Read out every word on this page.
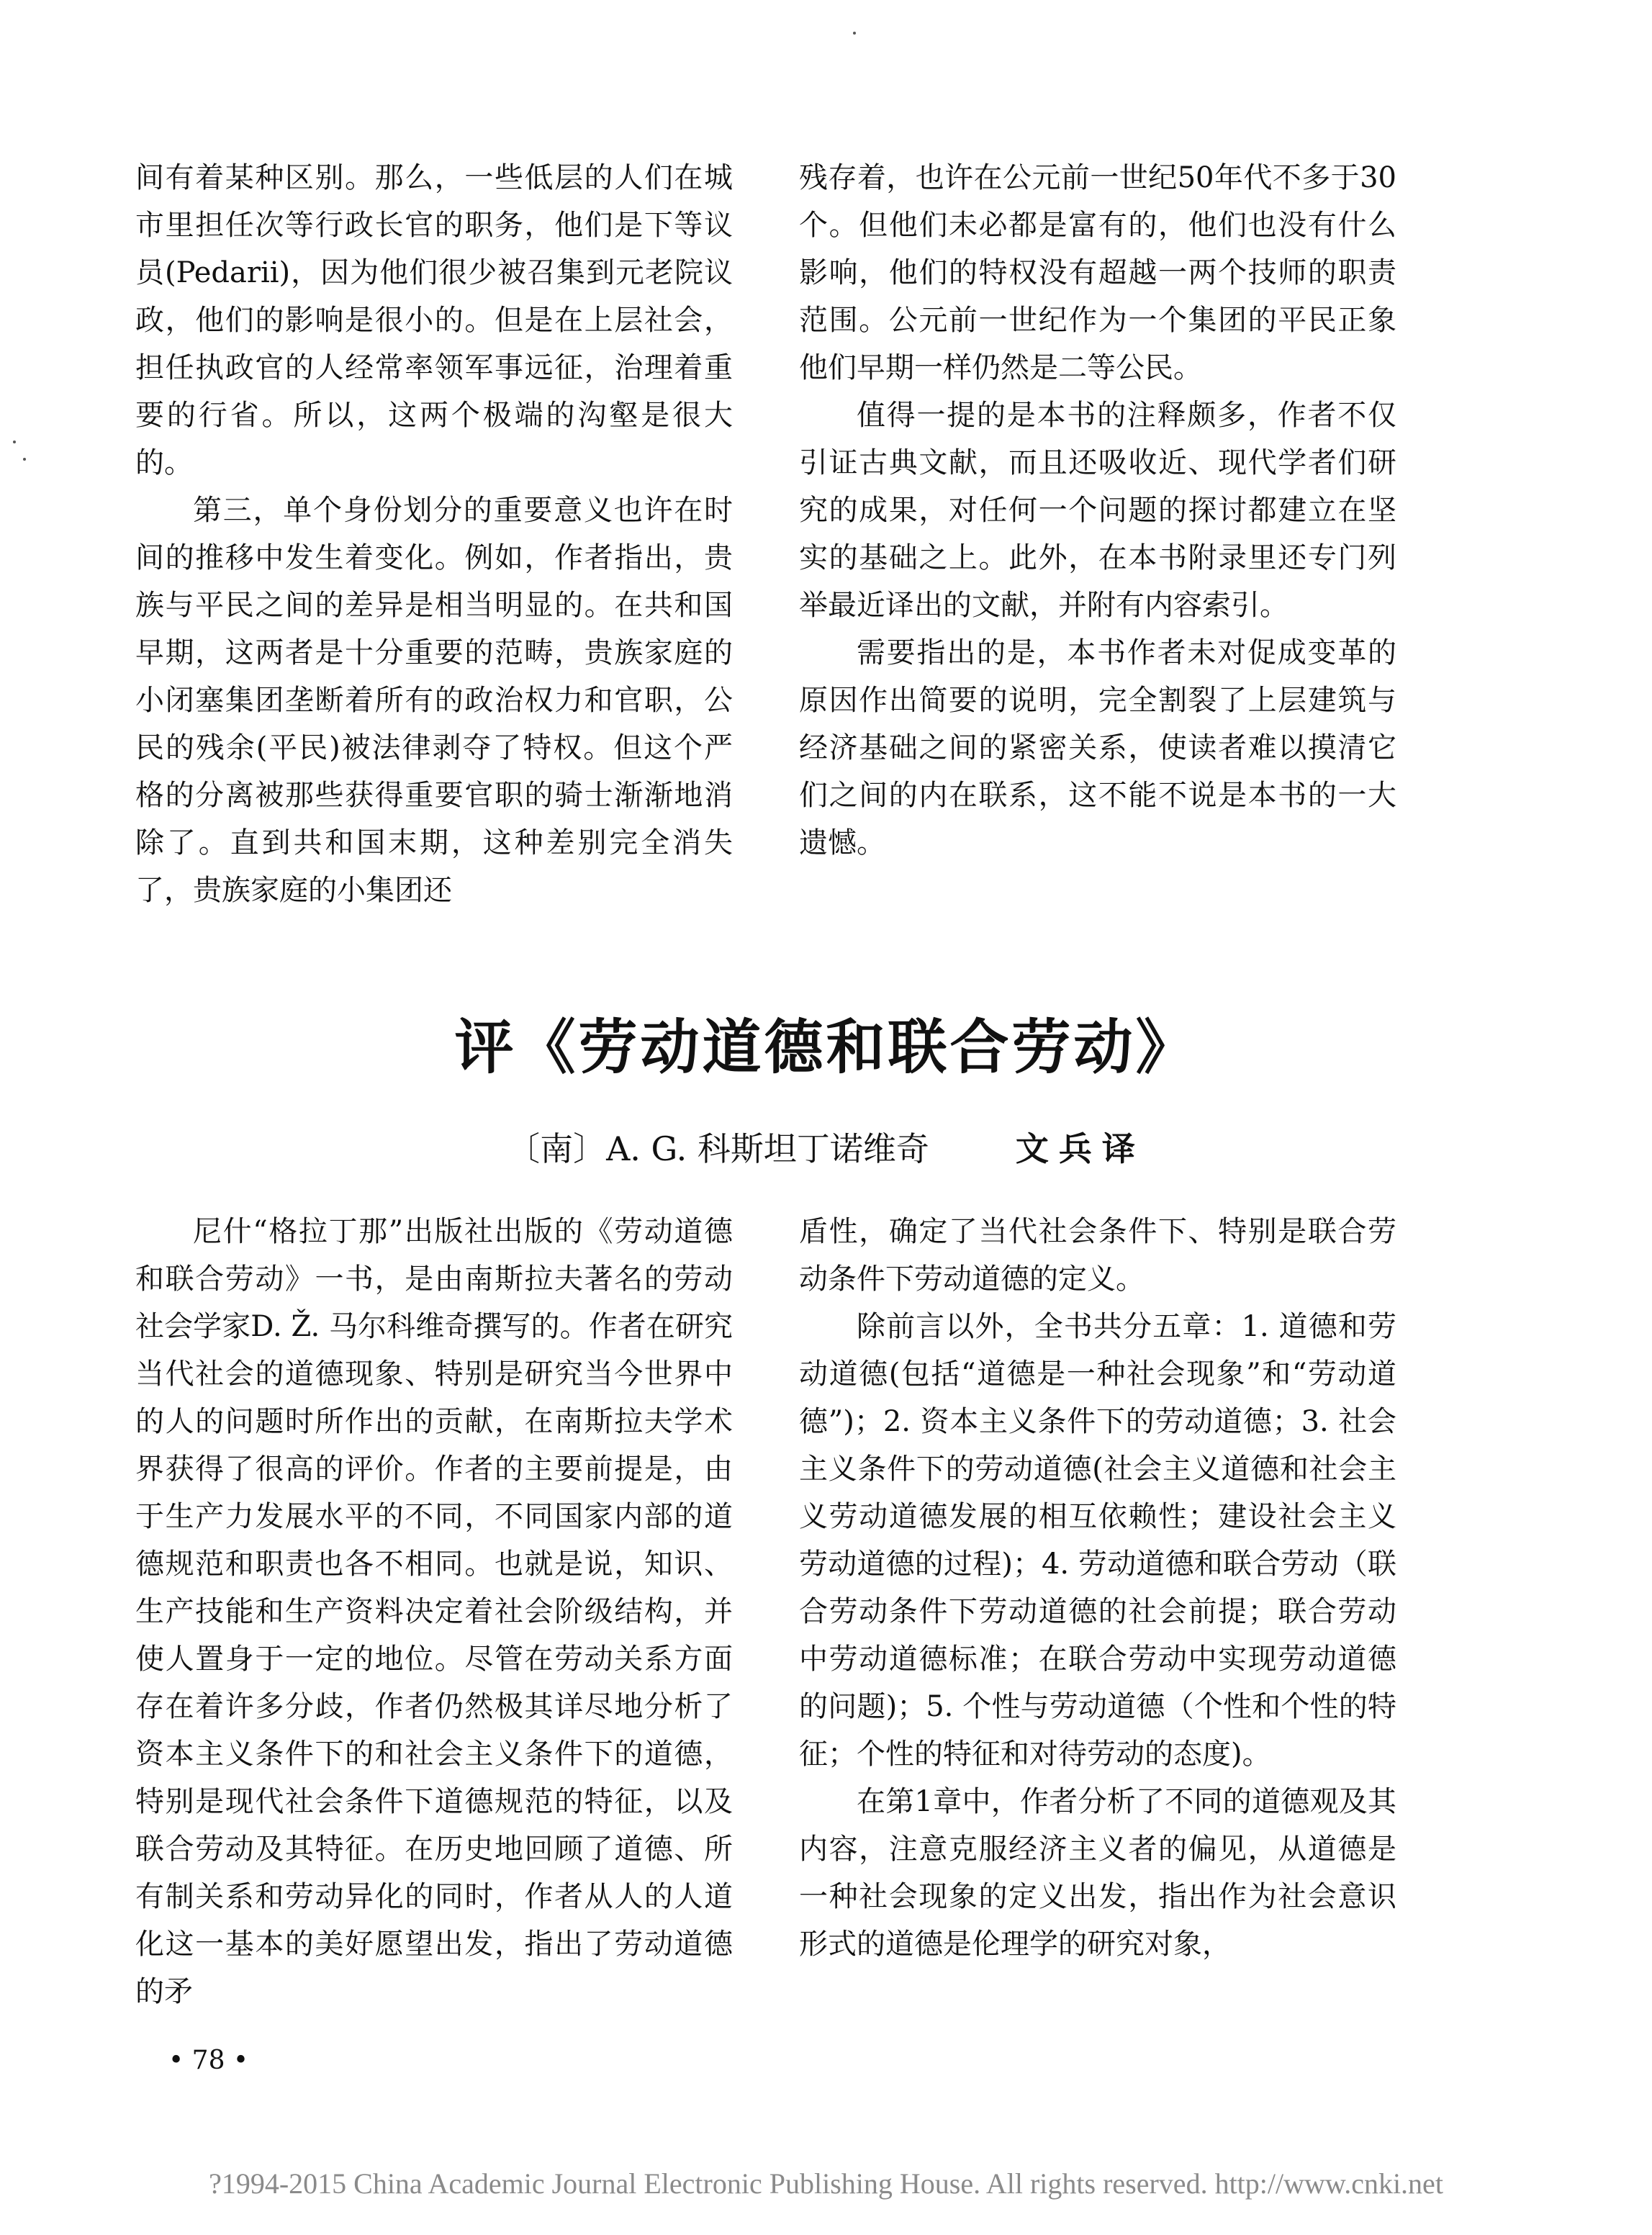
间有着某种区别。那么，一些低层的人们在城市里担任次等行政长官的职务，他们是下等议员(Pedarii)，因为他们很少被召集到元老院议政，他们的影响是很小的。但是在上层社会，担任执政官的人经常率领军事远征，治理着重要的行省。所以，这两个极端的沟壑是很大的。

第三，单个身份划分的重要意义也许在时间的推移中发生着变化。例如，作者指出，贵族与平民之间的差异是相当明显的。在共和国早期，这两者是十分重要的范畴，贵族家庭的小闭塞集团垄断着所有的政治权力和官职，公民的残余(平民)被法律剥夺了特权。但这个严格的分离被那些获得重要官职的骑士渐渐地消除了。直到共和国末期，这种差别完全消失了，贵族家庭的小集团还

残存着，也许在公元前一世纪50年代不多于30个。但他们未必都是富有的，他们也没有什么影响，他们的特权没有超越一两个技师的职责范围。公元前一世纪作为一个集团的平民正象他们早期一样仍然是二等公民。

值得一提的是本书的注释颇多，作者不仅引证古典文献，而且还吸收近、现代学者们研究的成果，对任何一个问题的探讨都建立在坚实的基础之上。此外，在本书附录里还专门列举最近译出的文献，并附有内容索引。

需要指出的是，本书作者未对促成变革的原因作出简要的说明，完全割裂了上层建筑与经济基础之间的紧密关系，使读者难以摸清它们之间的内在联系，这不能不说是本书的一大遗憾。

评《劳动道德和联合劳动》

〔南〕A. G. 科斯坦丁诺维奇	文兵译

尼什“格拉丁那”出版社出版的《劳动道德和联合劳动》一书，是由南斯拉夫著名的劳动社会学家D. Ž. 马尔科维奇撰写的。作者在研究当代社会的道德现象、特别是研究当今世界中的人的问题时所作出的贡献，在南斯拉夫学术界获得了很高的评价。作者的主要前提是，由于生产力发展水平的不同，不同国家内部的道德规范和职责也各不相同。也就是说，知识、生产技能和生产资料决定着社会阶级结构，并使人置身于一定的地位。尽管在劳动关系方面存在着许多分歧，作者仍然极其详尽地分析了资本主义条件下的和社会主义条件下的道德，特别是现代社会条件下道德规范的特征，以及联合劳动及其特征。在历史地回顾了道德、所有制关系和劳动异化的同时，作者从人的人道化这一基本的美好愿望出发，指出了劳动道德的矛

盾性，确定了当代社会条件下、特别是联合劳动条件下劳动道德的定义。

除前言以外，全书共分五章：1. 道德和劳动道德(包括“道德是一种社会现象”和“劳动道德”)；2. 资本主义条件下的劳动道德；3. 社会主义条件下的劳动道德(社会主义道德和社会主义劳动道德发展的相互依赖性；建设社会主义劳动道德的过程)；4. 劳动道德和联合劳动（联合劳动条件下劳动道德的社会前提；联合劳动中劳动道德标准；在联合劳动中实现劳动道德的问题)；5. 个性与劳动道德（个性和个性的特征；个性的特征和对待劳动的态度)。

在第1章中，作者分析了不同的道德观及其内容，注意克服经济主义者的偏见，从道德是一种社会现象的定义出发，指出作为社会意识形式的道德是伦理学的研究对象，

• 78 •
?1994-2015 China Academic Journal Electronic Publishing House. All rights reserved. http://www.cnki.net
